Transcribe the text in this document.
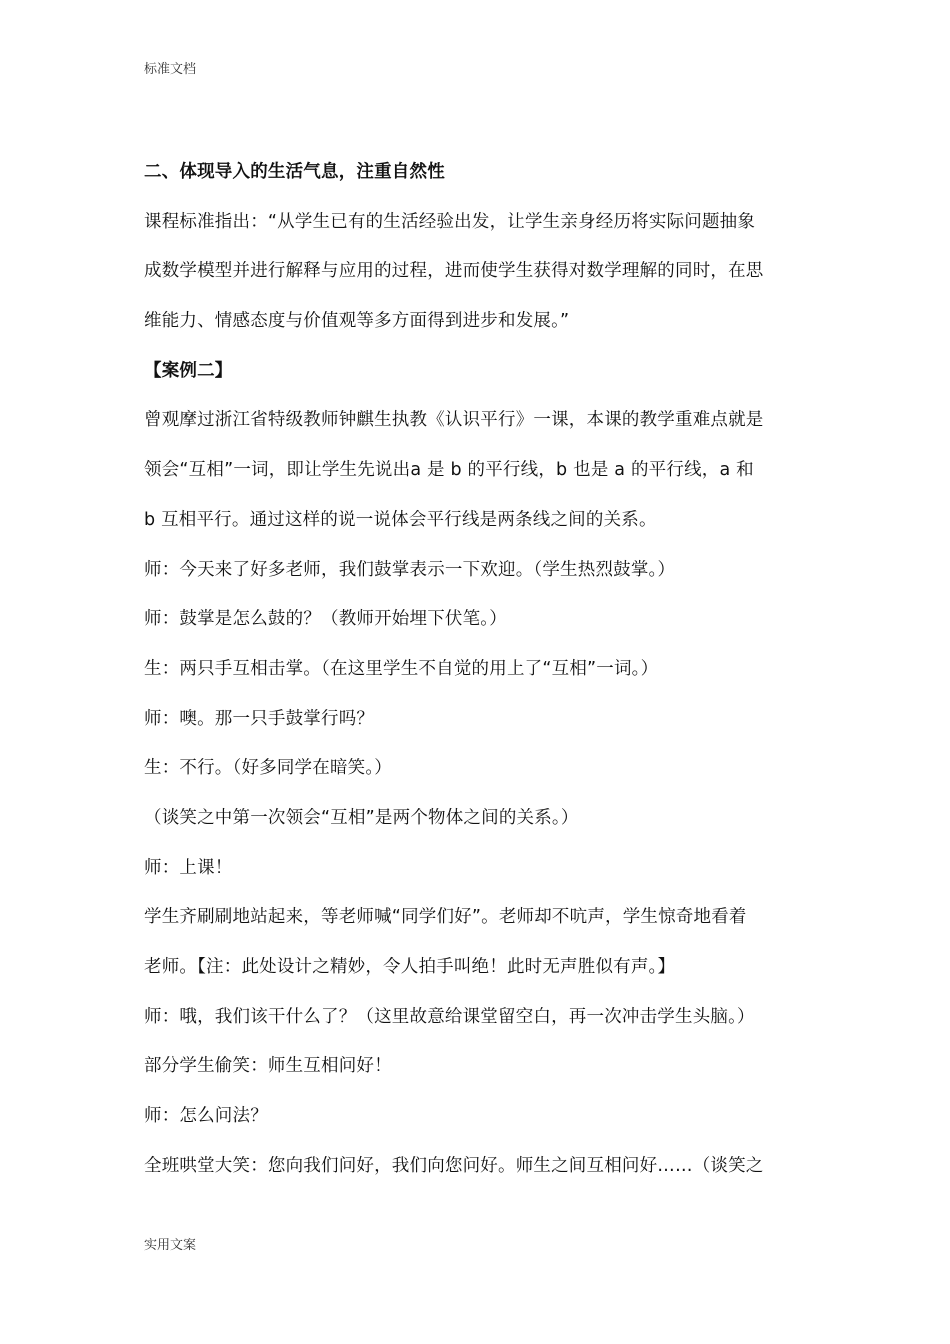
标准文档
二、体现导入的生活气息，注重自然性
课程标准指出：“从学生已有的生活经验出发，让学生亲身经历将实际问题抽象
成数学模型并进行解释与应用的过程，进而使学生获得对数学理解的同时，在思
维能力、情感态度与价值观等多方面得到进步和发展。”
【案例二】
曾观摩过浙江省特级教师钟麒生执教《认识平行》一课，本课的教学重难点就是
领会“互相”一词，即让学生先说出a 是 b 的平行线，b 也是 a 的平行线，a 和
b 互相平行。通过这样的说一说体会平行线是两条线之间的关系。
师：今天来了好多老师，我们鼓掌表示一下欢迎。（学生热烈鼓掌。）
师：鼓掌是怎么鼓的？（教师开始埋下伏笔。）
生：两只手互相击掌。（在这里学生不自觉的用上了“互相”一词。）
师：噢。那一只手鼓掌行吗？
生：不行。（好多同学在暗笑。）
（谈笑之中第一次领会“互相”是两个物体之间的关系。）
师：上课！
学生齐刷刷地站起来，等老师喊“同学们好”。老师却不吭声，学生惊奇地看着
老师。【注：此处设计之精妙，令人拍手叫绝！此时无声胜似有声。】
师：哦，我们该干什么了？（这里故意给课堂留空白，再一次冲击学生头脑。）
部分学生偷笑：师生互相问好！
师：怎么问法？
全班哄堂大笑：您向我们问好，我们向您问好。师生之间互相问好……（谈笑之
实用文案
